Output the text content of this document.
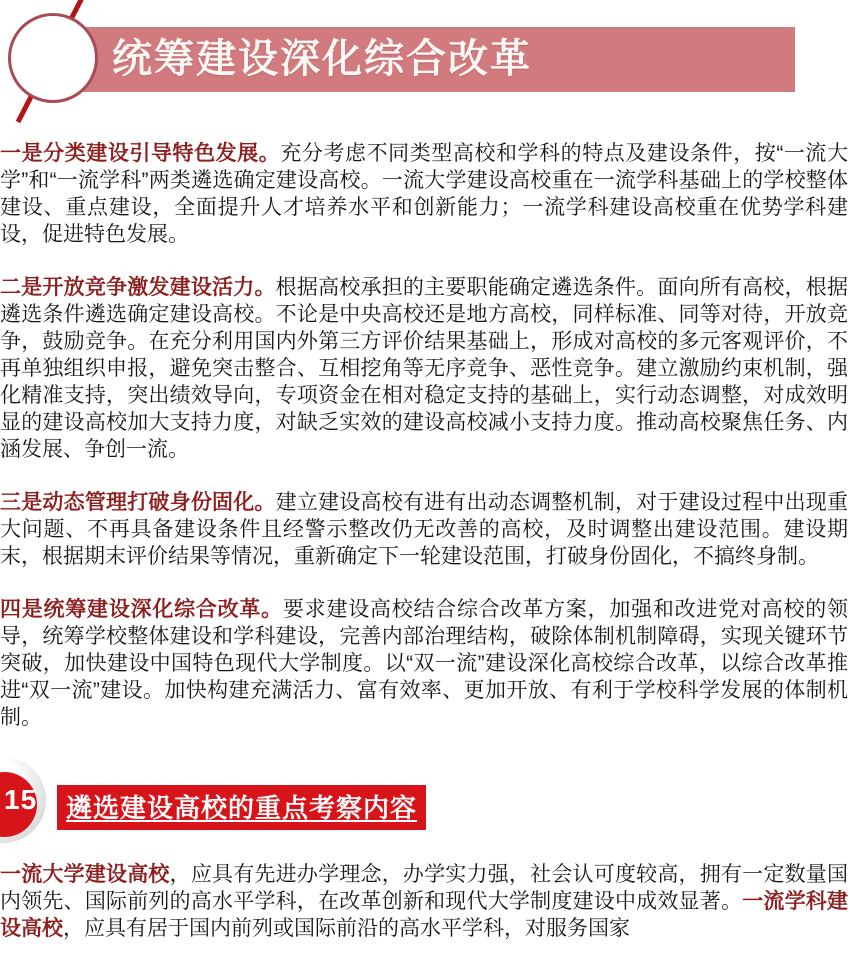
统筹建设深化综合改革

一是分类建设引导特色发展。充分考虑不同类型高校和学科的特点及建设条件，按“一流大学”和“一流学科”两类遴选确定建设高校。一流大学建设高校重在一流学科基础上的学校整体建设、重点建设，全面提升人才培养水平和创新能力；一流学科建设高校重在优势学科建设，促进特色发展。

二是开放竞争激发建设活力。根据高校承担的主要职能确定遴选条件。面向所有高校，根据遴选条件遴选确定建设高校。不论是中央高校还是地方高校，同样标准、同等对待，开放竞争，鼓励竞争。在充分利用国内外第三方评价结果基础上，形成对高校的多元客观评价，不再单独组织申报，避免突击整合、互相挖角等无序竞争、恶性竞争。建立激励约束机制，强化精准支持，突出绩效导向，专项资金在相对稳定支持的基础上，实行动态调整，对成效明显的建设高校加大支持力度，对缺乏实效的建设高校减小支持力度。推动高校聚焦任务、内涵发展、争创一流。

三是动态管理打破身份固化。建立建设高校有进有出动态调整机制，对于建设过程中出现重大问题、不再具备建设条件且经警示整改仍无改善的高校，及时调整出建设范围。建设期末，根据期末评价结果等情况，重新确定下一轮建设范围，打破身份固化，不搞终身制。

四是统筹建设深化综合改革。要求建设高校结合综合改革方案，加强和改进党对高校的领导，统筹学校整体建设和学科建设，完善内部治理结构，破除体制机制障碍，实现关键环节突破，加快建设中国特色现代大学制度。以“双一流”建设深化高校综合改革，以综合改革推进“双一流”建设。加快构建充满活力、富有效率、更加开放、有利于学校科学发展的体制机制。

15	遴选建设高校的重点考察内容

一流大学建设高校，应具有先进办学理念，办学实力强，社会认可度较高，拥有一定数量国内领先、国际前列的高水平学科，在改革创新和现代大学制度建设中成效显著。一流学科建设高校，应具有居于国内前列或国际前沿的高水平学科，对服务国家
